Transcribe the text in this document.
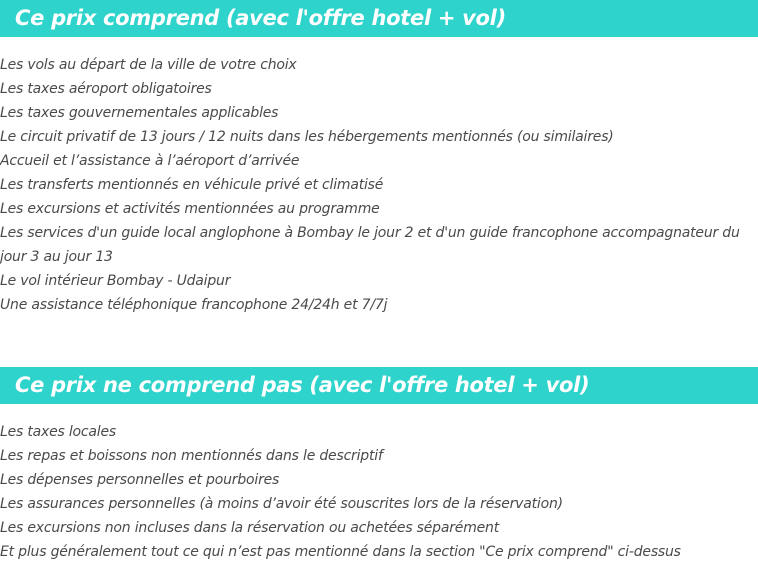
Ce prix comprend (avec l'offre hotel + vol)
Les vols au départ de la ville de votre choix
Les taxes aéroport obligatoires
Les taxes gouvernementales applicables
Le circuit privatif de 13 jours / 12 nuits dans les hébergements mentionnés (ou similaires)
Accueil et l’assistance à l’aéroport d’arrivée
Les transferts mentionnés en véhicule privé et climatisé
Les excursions et activités mentionnées au programme
Les services d'un guide local anglophone à Bombay le jour 2 et d'un guide francophone accompagnateur du jour 3 au jour 13
Le vol intérieur Bombay - Udaipur
Une assistance téléphonique francophone 24/24h et 7/7j
Ce prix ne comprend pas (avec l'offre hotel + vol)
Les taxes locales
Les repas et boissons non mentionnés dans le descriptif
Les dépenses personnelles et pourboires
Les assurances personnelles (à moins d’avoir été souscrites lors de la réservation)
Les excursions non incluses dans la réservation ou achetées séparément
Et plus généralement tout ce qui n’est pas mentionné dans la section "Ce prix comprend" ci-dessus
